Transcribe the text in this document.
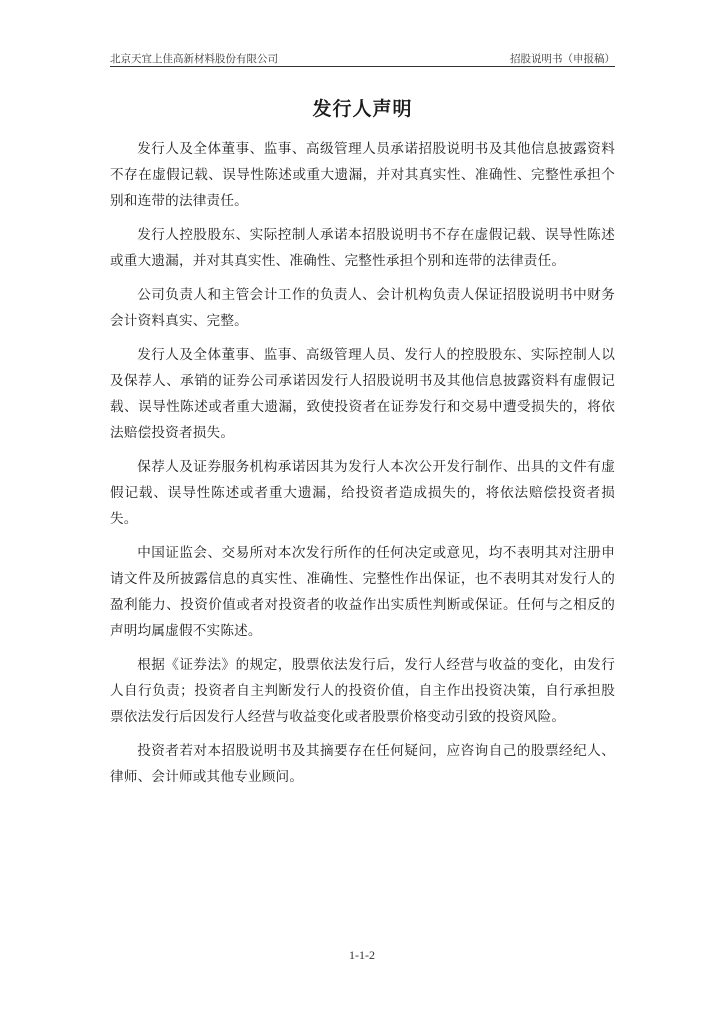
北京天宜上佳高新材料股份有限公司	招股说明书（申报稿）
发行人声明

发行人及全体董事、监事、高级管理人员承诺招股说明书及其他信息披露资料不存在虚假记载、误导性陈述或重大遗漏，并对其真实性、准确性、完整性承担个别和连带的法律责任。

发行人控股股东、实际控制人承诺本招股说明书不存在虚假记载、误导性陈述或重大遗漏，并对其真实性、准确性、完整性承担个别和连带的法律责任。

公司负责人和主管会计工作的负责人、会计机构负责人保证招股说明书中财务会计资料真实、完整。

发行人及全体董事、监事、高级管理人员、发行人的控股股东、实际控制人以及保荐人、承销的证券公司承诺因发行人招股说明书及其他信息披露资料有虚假记载、误导性陈述或者重大遗漏，致使投资者在证券发行和交易中遭受损失的，将依法赔偿投资者损失。

保荐人及证券服务机构承诺因其为发行人本次公开发行制作、出具的文件有虚假记载、误导性陈述或者重大遗漏，给投资者造成损失的，将依法赔偿投资者损失。

中国证监会、交易所对本次发行所作的任何决定或意见，均不表明其对注册申请文件及所披露信息的真实性、准确性、完整性作出保证，也不表明其对发行人的盈利能力、投资价值或者对投资者的收益作出实质性判断或保证。任何与之相反的声明均属虚假不实陈述。

根据《证券法》的规定，股票依法发行后，发行人经营与收益的变化，由发行人自行负责；投资者自主判断发行人的投资价值，自主作出投资决策，自行承担股票依法发行后因发行人经营与收益变化或者股票价格变动引致的投资风险。

投资者若对本招股说明书及其摘要存在任何疑问，应咨询自己的股票经纪人、律师、会计师或其他专业顾问。

1-1-2
